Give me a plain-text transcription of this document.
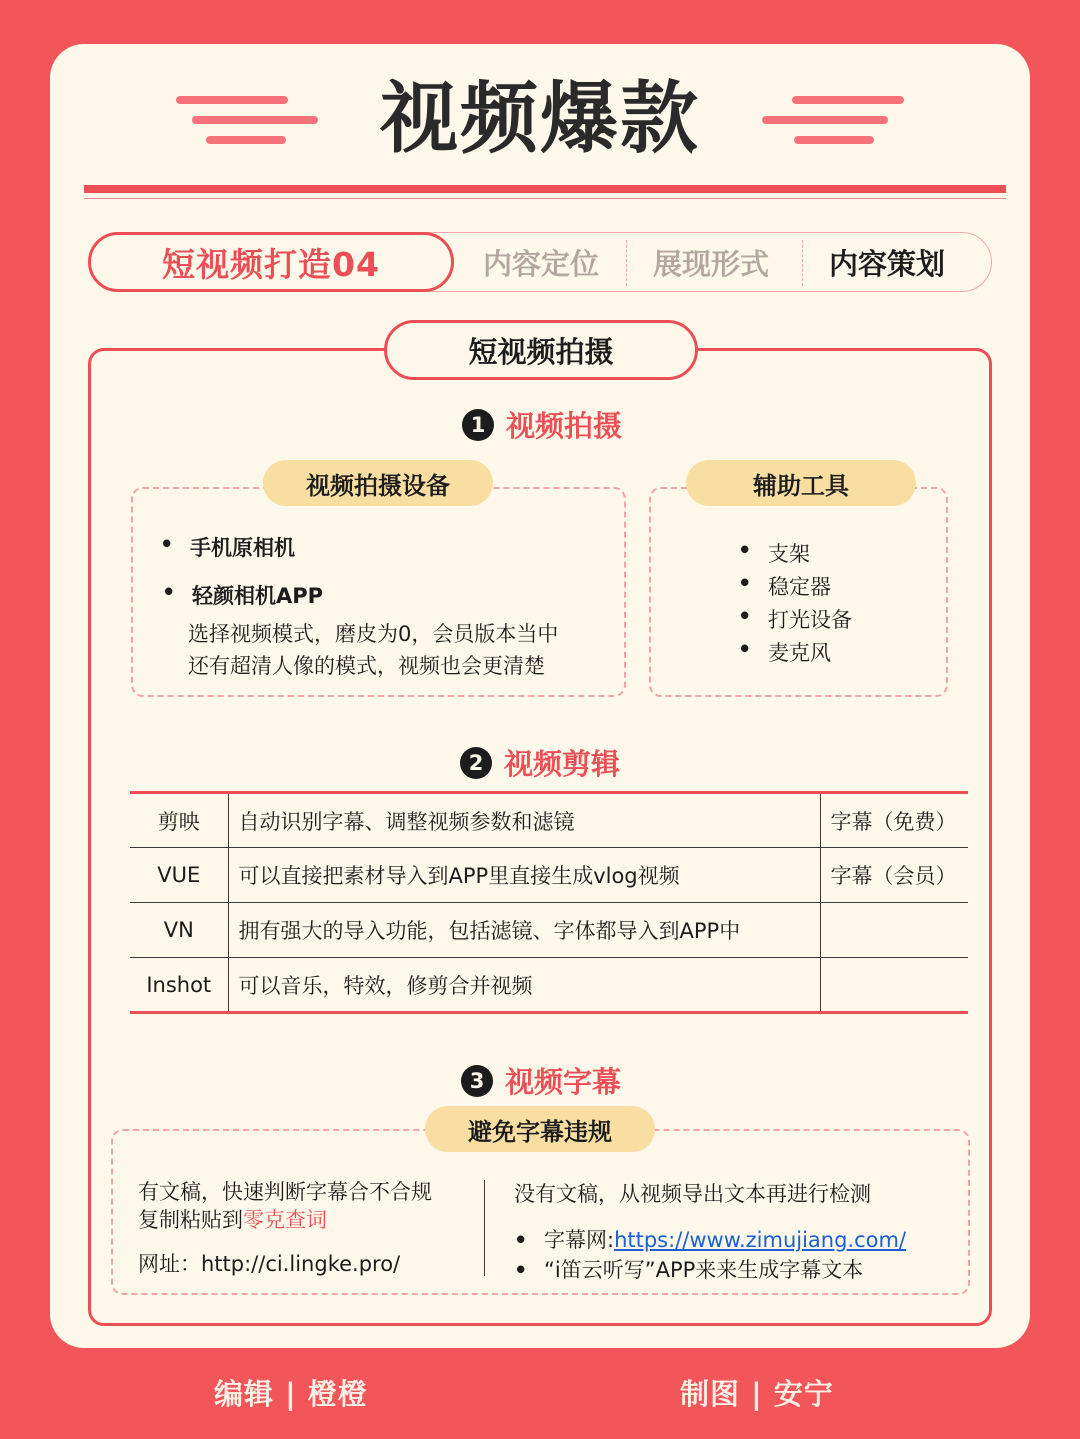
视频爆款
短视频打造04	内容定位	展现形式	内容策划
短视频拍摄
1 视频拍摄
视频拍摄设备
• 手机原相机
• 轻颜相机APP
选择视频模式，磨皮为0，会员版本当中
还有超清人像的模式，视频也会更清楚
辅助工具
• 支架
• 稳定器
• 打光设备
• 麦克风
2 视频剪辑
剪映	自动识别字幕、调整视频参数和滤镜	字幕（免费）
VUE	可以直接把素材导入到APP里直接生成vlog视频	字幕（会员）
VN	拥有强大的导入功能，包括滤镜、字体都导入到APP中	
Inshot	可以音乐，特效，修剪合并视频	
3 视频字幕
避免字幕违规
有文稿，快速判断字幕合不合规
复制粘贴到零克查词
网址：http://ci.lingke.pro/
没有文稿，从视频导出文本再进行检测
• 字幕网:https://www.zimujiang.com/
• “i笛云听写”APP来来生成字幕文本
编辑 | 橙橙	制图 | 安宁
